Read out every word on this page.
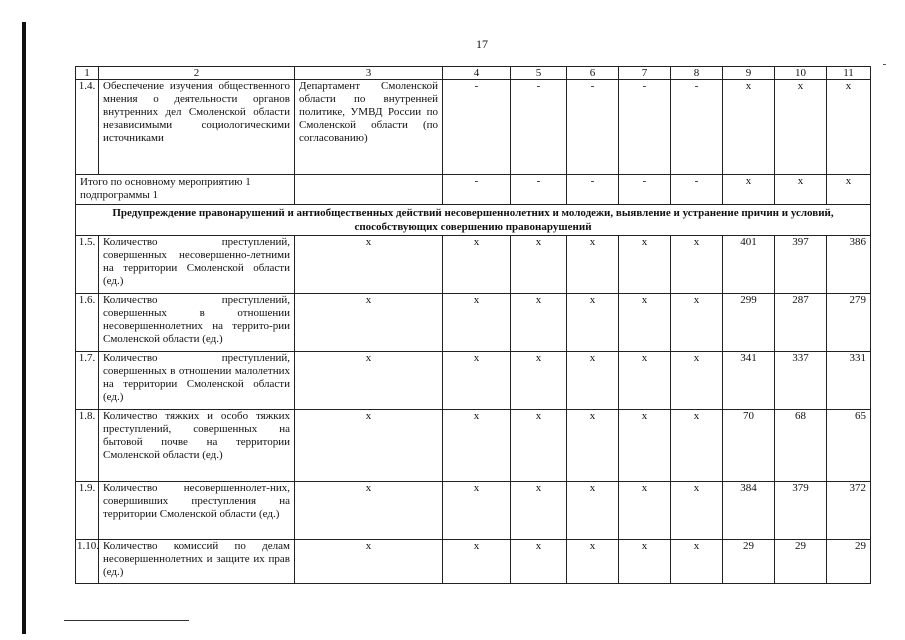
17
1	2	3	4	5	6	7	8	9	10	11
1.4.	Обеспечение изучения общественного мнения о деятельности органов внутренних дел Смоленской области независимыми социологическими источниками	Департамент Смоленской области по внутренней политике, УМВД России по Смоленской области (по согласованию)	-	-	-	-	-	х	х	х
Итого по основному мероприятию 1 подпрограммы 1			-	-	-	-	-	х	х	х
Предупреждение правонарушений и антиобщественных действий несовершеннолетних и молодежи, выявление и устранение причин и условий, способствующих совершению правонарушений										
1.5.	Количество преступлений, совершенных несовершенно-летними на территории Смоленской области (ед.)	х	х	х	х	х	х	401	397	386
1.6.	Количество преступлений, совершенных в отношении несовершеннолетних на террито-рии Смоленской области (ед.)	х	х	х	х	х	х	299	287	279
1.7.	Количество преступлений, совершенных в отношении малолетних на территории Смоленской области (ед.)	х	х	х	х	х	х	341	337	331
1.8.	Количество тяжких и особо тяжких преступлений, совершенных на бытовой почве на территории Смоленской области (ед.)	х	х	х	х	х	х	70	68	65
1.9.	Количество несовершеннолет-них, совершивших преступления на территории Смоленской области (ед.)	х	х	х	х	х	х	384	379	372
1.10.	Количество комиссий по делам несовершеннолетних и защите их прав (ед.)	х	х	х	х	х	х	29	29	29
